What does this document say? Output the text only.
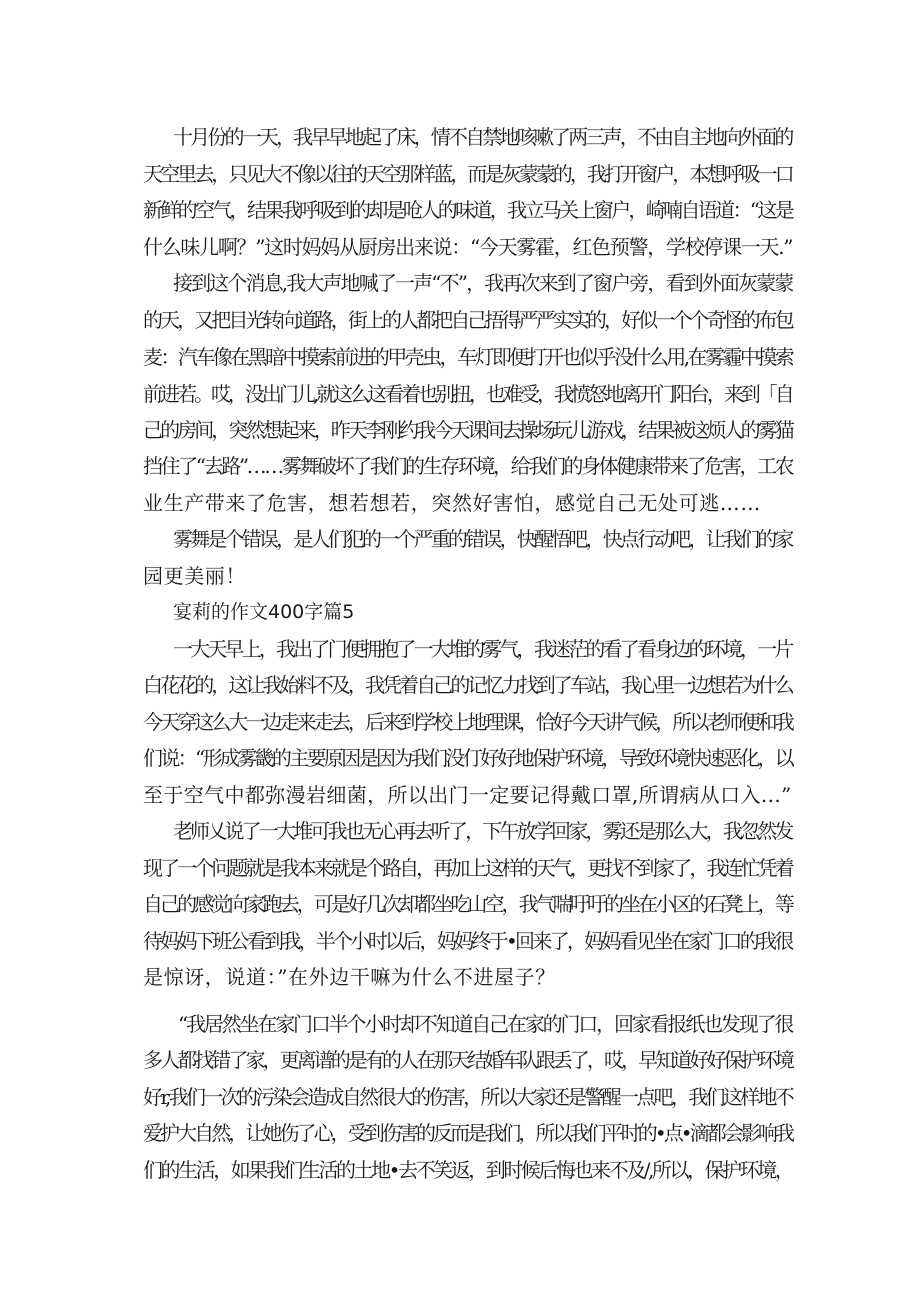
十月份的一天，我早早地起了床，情不自禁地咳嗽了两三声，不由自主地向外面的
天空里去，只见大不像以往的天空那样蓝，而是灰蒙蒙的，我打开窗户，本想呼吸一口
新鲜的空气，结果我呼吸到的却是呛人的味道，我立马关上窗户，崎喃自语道：“这是
什么味儿啊？”这时妈妈从厨房出来说：“今天雾霍，红色预警，学校停课一天.”
接到这个消息,我大声地喊了一声“不”，我再次来到了窗户旁，看到外面灰蒙蒙
的天，又把目光转向道路，街上的人都把自己捂得严严实实的，好似一个个奇怪的布包
麦：汽车像在黑暗中摸索前进的甲壳虫，车灯即便打开也似乎没什么用,在雾霾中摸索
前进若。哎，没出门儿,就这么这看着也别扭，也难受，我愤怒地离开门阳台，来到「自
己的房间，突然想起来，昨天李刚约我今天课间去操场玩儿游戏，结果被这烦人的雾猫
挡住了“去路”……雾舞破坏了我们的生存环境，给我们的身体健康带来了危害，工农
业生产带来了危害，想若想若，突然好害怕，感觉自己无处可逃……
雾舞是个错误，是人们犯的一个严重的错误，快醒悟吧，快点行动吧，让我们的家
园更美丽！
宴莉的作文400字篇5
一大天早上，我出了门便拥抱了一大堆的雾气，我迷茫的看了看身边的环境，一片
白花花的，这让我始料不及，我凭着自己的记忆力找到了车站，我心里一边想若为什么
今天穿这么大一边走来走去，后来到学校上地理课，恰好今天讲气候，所以老师便和我
们说：“形成雾畿的主要原因是因为我们没仃好好地保护环境，导致环境快速恶化，以
至于空气中都弥漫岩细菌，所以出门一定要记得戴口罩,所谓病从口入...”
老师乂说了一大堆可我也无心再去听了，下午放学回家，雾还是那么大，我忽然发
现了一个问题就是我本来就是个路自，再加上这样的天气，更找不到家了，我连忙凭着
自己的感觉向家跑去，可是好几次却都坐吃山空，我气喘吁吁的坐在小区的石凳上，等
待妈妈下班公看到我，半个小时以后，妈妈终于•回来了，妈妈看见坐在家门口的我很
是惊讶，说道：”在外边干嘛为什么不进屋子？
“我居然坐在家门口半个小时却不知道自己在家的门口，回家看报纸也发现了很
多人都找错了家，更离谱的是有的人在那天结婚车队跟丢了，哎，早知道好好保护环境
好r,我们一次的污染会造成自然很大的伤害，所以大家还是警醒一点吧，我们这样地不
爱护大自然，让她伤了心，受到伤害的反而是我们，所以我们平时的•点•滴都会影响我
们的生活，如果我们生活的土地•去不笑返，到时候后悔也来不及/,所以，保护环境，
